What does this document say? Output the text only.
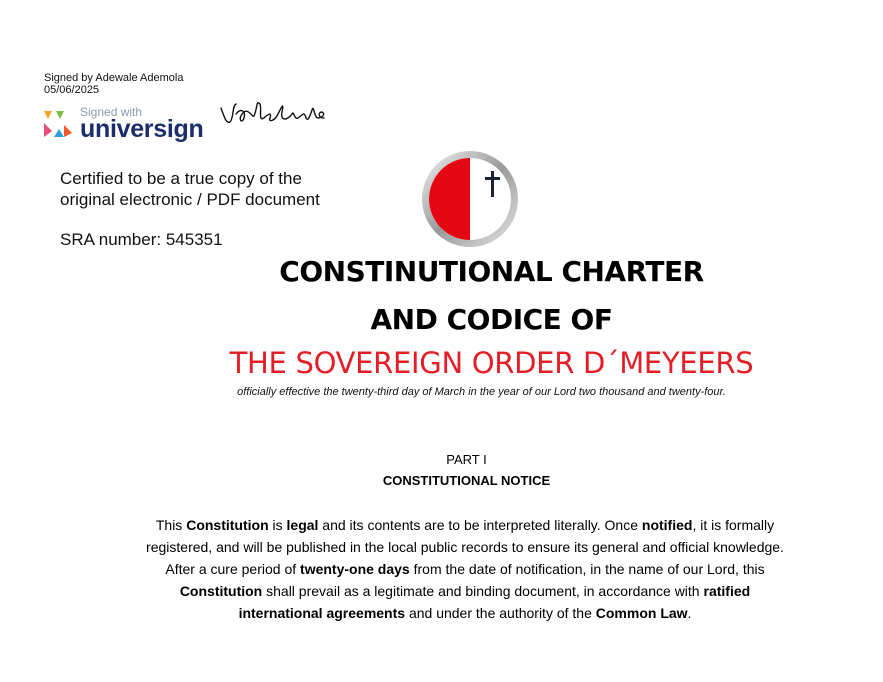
Signed by Adewale Ademola
05/06/2025
Signed with
universign
Certified to be a true copy of the
original electronic / PDF document
SRA number: 545351
CONSTINUTIONAL CHARTER
AND CODICE OF
THE SOVEREIGN ORDER D´MEYEERS
officially effective the twenty-third day of March in the year of our Lord two thousand and twenty-four.
PART I
CONSTITUTIONAL NOTICE
This Constitution is legal and its contents are to be interpreted literally. Once notified, it is formally registered, and will be published in the local public records to ensure its general and official knowledge.
After a cure period of twenty-one days from the date of notification, in the name of our Lord, this Constitution shall prevail as a legitimate and binding document, in accordance with ratified international agreements and under the authority of the Common Law.
